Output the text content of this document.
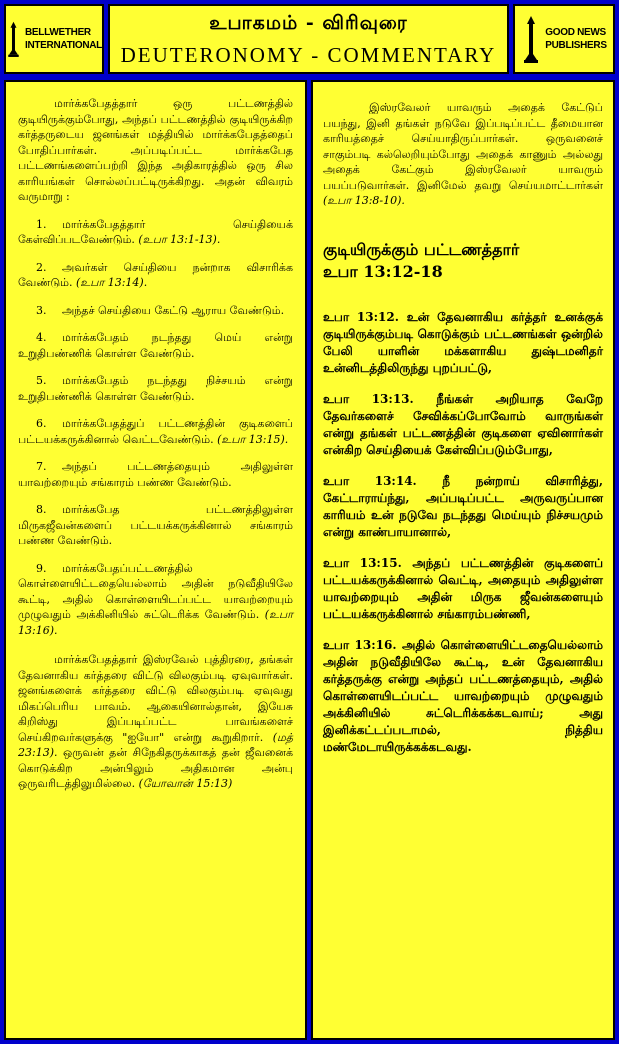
BELLWETHER
INTERNATIONAL
உபாகமம் - விரிவுரை
DEUTERONOMY - COMMENTARY
GOOD NEWS
PUBLISHERS

மார்க்கபேதத்தார் ஒரு பட்டணத்தில் குடியிருக்கும்போது, அந்தப் பட்டணத்தில் குடியிருக்கிற கர்த்தருடைய ஜனங்கள் மத்தியில் மார்க்கபேதத்தைப் போதிப்பார்கள். அப்படிப்பட்ட மார்க்கபேத பட்டணங்களைப்பற்றி இந்த அதிகாரத்தில் ஒரு சில காரியங்கள் சொல்லப்பட்டிருக்கிறது. அதன் விவரம் வருமாறு :

1. மார்க்கபேதத்தார் செய்தியைக் கேள்விப்படவேண்டும். (உபா 13:1-13).

2. அவர்கள் செய்தியை நன்றாக விசாரிக்க வேண்டும். (உபா 13:14).

3. அந்தச் செய்தியை கேட்டு ஆராய வேண்டும்.

4. மார்க்கபேதம் நடந்தது மெய் என்று உறுதிபண்ணிக் கொள்ள வேண்டும்.

5. மார்க்கபேதம் நடந்தது நிச்சயம் என்று உறுதிபண்ணிக் கொள்ள வேண்டும்.

6. மார்க்கபேதத்துப் பட்டணத்தின் குடிகளைப் பட்டயக்கருக்கினால் வெட்டவேண்டும். (உபா 13:15).

7. அந்தப் பட்டணத்தையும் அதிலுள்ள யாவற்றையும் சங்காரம் பண்ண வேண்டும்.

8. மார்க்கபேத பட்டணத்திலுள்ள மிருகஜீவன்களைப் பட்டயக்கருக்கினால் சங்காரம் பண்ண வேண்டும்.

9. மார்க்கபேதப்பட்டணத்தில் கொள்ளையிட்டதையெல்லாம் அதின் நடுவீதியிலே கூட்டி, அதில் கொள்ளையிடப்பட்ட யாவற்றையும் முழுவதும் அக்கினியில் சுட்டெரிக்க வேண்டும். (உபா 13:16).

மார்க்கபேதத்தார் இஸ்ரவேல் புத்திரரை, தங்கள் தேவனாகிய கர்த்தரை விட்டு விலகும்படி ஏவுவார்கள். ஜனங்களைக் கர்த்தரை விட்டு விலகும்படி ஏவுவது மிகப்பெரிய பாவம். ஆகையினால்தான், இயேசு கிறிஸ்து இப்படிப்பட்ட பாவங்களைச் செய்கிறவர்களுக்கு "ஐயோ" என்று கூறுகிறார். (மத் 23:13). ஒருவன் தன் சிநேகிதருக்காகத் தன் ஜீவனைக் கொடுக்கிற அன்பிலும் அதிகமான அன்பு ஒருவரிடத்திலுமில்லை. (யோவான் 15:13)

இஸ்ரவேலர் யாவரும் அதைக் கேட்டுப் பயந்து, இனி தங்கள் நடுவே இப்படிப்பட்ட தீமையான காரியத்தைச் செய்யாதிருப்பார்கள். ஒருவனைச் சாகும்படி கல்லெறியும்போது அதைக் காணும் அல்லது அதைக் கேட்கும் இஸ்ரவேலர் யாவரும் பயப்படுவார்கள். இனிமேல் தவறு செய்யமாட்டார்கள் (உபா 13:8-10).

குடியிருக்கும் பட்டணத்தார்
உபா 13:12-18

உபா 13:12. உன் தேவனாகிய கர்த்தர் உனக்குக் குடியிருக்கும்படி கொடுக்கும் பட்டணங்கள் ஒன்றில் பேலி யாளின் மக்களாகிய துஷ்டமனிதர் உன்னிடத்திலிருந்து புறப்பட்டு,

உபா 13:13. நீங்கள் அறியாத வேறே தேவர்களைச் சேவிக்கப்போவோம் வாருங்கள் என்று தங்கள் பட்டணத்தின் குடிகளை ஏவினார்கள் என்கிற செய்தியைக் கேள்விப்படும்போது,

உபா 13:14. நீ நன்றாய் விசாரித்து, கேட்டாராய்ந்து, அப்படிப்பட்ட அருவருப்பான காரியம் உன் நடுவே நடந்தது மெய்யும் நிச்சயமும் என்று காண்பாயானால்,

உபா 13:15. அந்தப் பட்டணத்தின் குடிகளைப் பட்டயக்கருக்கினால் வெட்டி, அதையும் அதிலுள்ள யாவற்றையும் அதின் மிருக ஜீவன்களையும் பட்டயக்கருக்கினால் சங்காரம்பண்ணி,

உபா 13:16. அதில் கொள்ளையிட்டதையெல்லாம் அதின் நடுவீதியிலே கூட்டி, உன் தேவனாகிய கர்த்தருக்கு என்று அந்தப் பட்டணத்தையும், அதில் கொள்ளையிடப்பட்ட யாவற்றையும் முழுவதும் அக்கினியில் சுட்டெரிக்கக்கடவாய்; அது இனிக்கட்டப்படாமல், நித்திய மண்மேடாயிருக்கக்கடவது.
